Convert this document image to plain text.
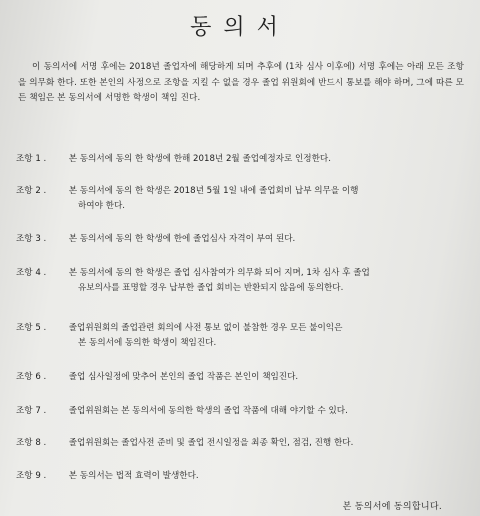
동의서
이 동의서에 서명 후에는 2018년 졸업자에 해당하게 되며 추후에 (1차 심사 이후에) 서명 후에는 아래 모든 조항을 의무화 한다. 또한 본인의 사정으로 조항을 지킬 수 없을 경우 졸업 위원회에 반드시 통보를 해야 하며, 그에 따른 모든 책임은 본 동의서에 서명한 학생이 책임 진다.
조항 1 .	본 동의서에 동의 한 학생에 한해 2018년 2월 졸업예정자로 인정한다.
조항 2 .	본 동의서에 동의 한 학생은 2018년 5월 1일 내에 졸업회비 납부 의무을 이행
하여야 한다.
조항 3 .	본 동의서에 동의 한 학생에 한에 졸업심사 자격이 부여 된다.
조항 4 .	본 동의서에 동의 한 학생은 졸업 심사참여가 의무화 되어 지며, 1차 심사 후 졸업
유보의사를 표명할 경우 납부한 졸업 회비는 반환되지 않음에 동의한다.
조항 5 .	졸업위원회의 졸업관련 회의에 사전 통보 없이 불참한 경우 모든 불이익은
본 동의서에 동의한 학생이 책임진다.
조항 6 .	졸업 심사일정에 맞추어 본인의 졸업 작품은 본인이 책임진다.
조항 7 .	졸업위원회는 본 동의서에 동의한 학생의 졸업 작품에 대해 야기할 수 있다.
조항 8 .	졸업위원회는 졸업사전 준비 및 졸업 전시일정을 최종 확인, 점검, 진행 한다.
조항 9 .	본 동의서는 법적 효력이 발생한다.
본 동의서에 동의합니다.
